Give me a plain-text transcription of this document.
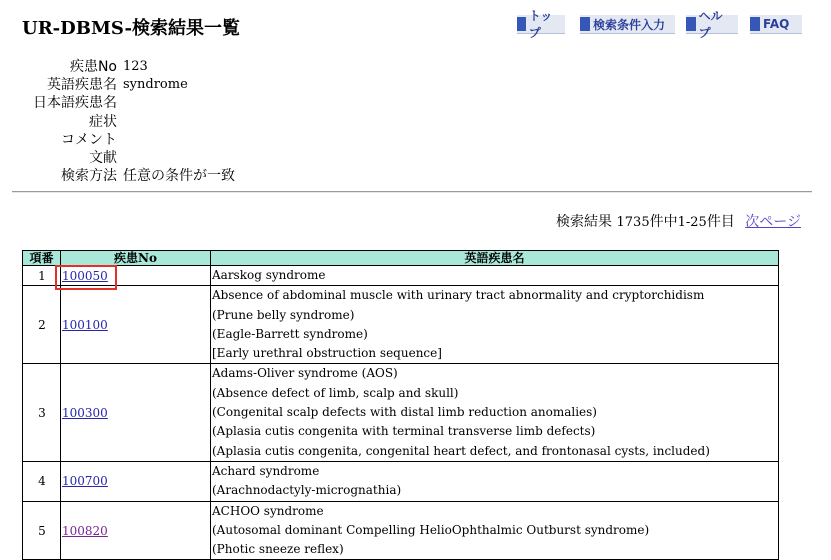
UR-DBMS-検索結果一覧
トップ
検索条件入力
ヘルプ
FAQ
疾患No 123
英語疾患名 syndrome
日本語疾患名
症状
コメント
文献
検索方法 任意の条件が一致
検索結果 1735件中1-25件目 次ページ
項番	疾患No	英語疾患名
1	100050	Aarskog syndrome

2	100100	Absence of abdominal muscle with urinary tract abnormality and cryptorchidism
(Prune belly syndrome)
(Eagle-Barrett syndrome)
[Early urethral obstruction sequence]

3	100300	Adams-Oliver syndrome (AOS)
(Absence defect of limb, scalp and skull)
(Congenital scalp defects with distal limb reduction anomalies)
(Aplasia cutis congenita with terminal transverse limb defects)
(Aplasia cutis congenita, congenital heart defect, and frontonasal cysts, included)

4	100700	Achard syndrome
(Arachnodactyly-micrognathia)

5	100820	ACHOO syndrome
(Autosomal dominant Compelling HelioOphthalmic Outburst syndrome)
(Photic sneeze reflex)
